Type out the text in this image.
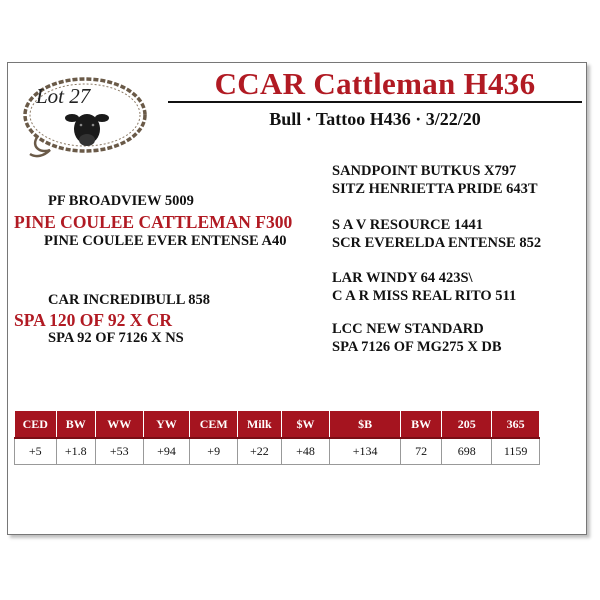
Lot 27	CCAR Cattleman H436
Bull · Tattoo H436 · 3/22/20
PF BROADVIEW 5009
PINE COULEE CATTLEMAN F300
PINE COULEE EVER ENTENSE A40
CAR INCREDIBULL 858
SPA 120 OF 92 X CR
SPA 92 OF 7126 X NS
SANDPOINT BUTKUS X797
SITZ HENRIETTA PRIDE 643T
S A V RESOURCE 1441
SCR EVERELDA ENTENSE 852
LAR WINDY 64 423S\
C A R MISS REAL RITO 511
LCC NEW STANDARD
SPA 7126 OF MG275 X DB
CED	BW	WW	YW	CEM	Milk	$W	$B	BW	205	365
+5	+1.8	+53	+94	+9	+22	+48	+134	72	698	1159
